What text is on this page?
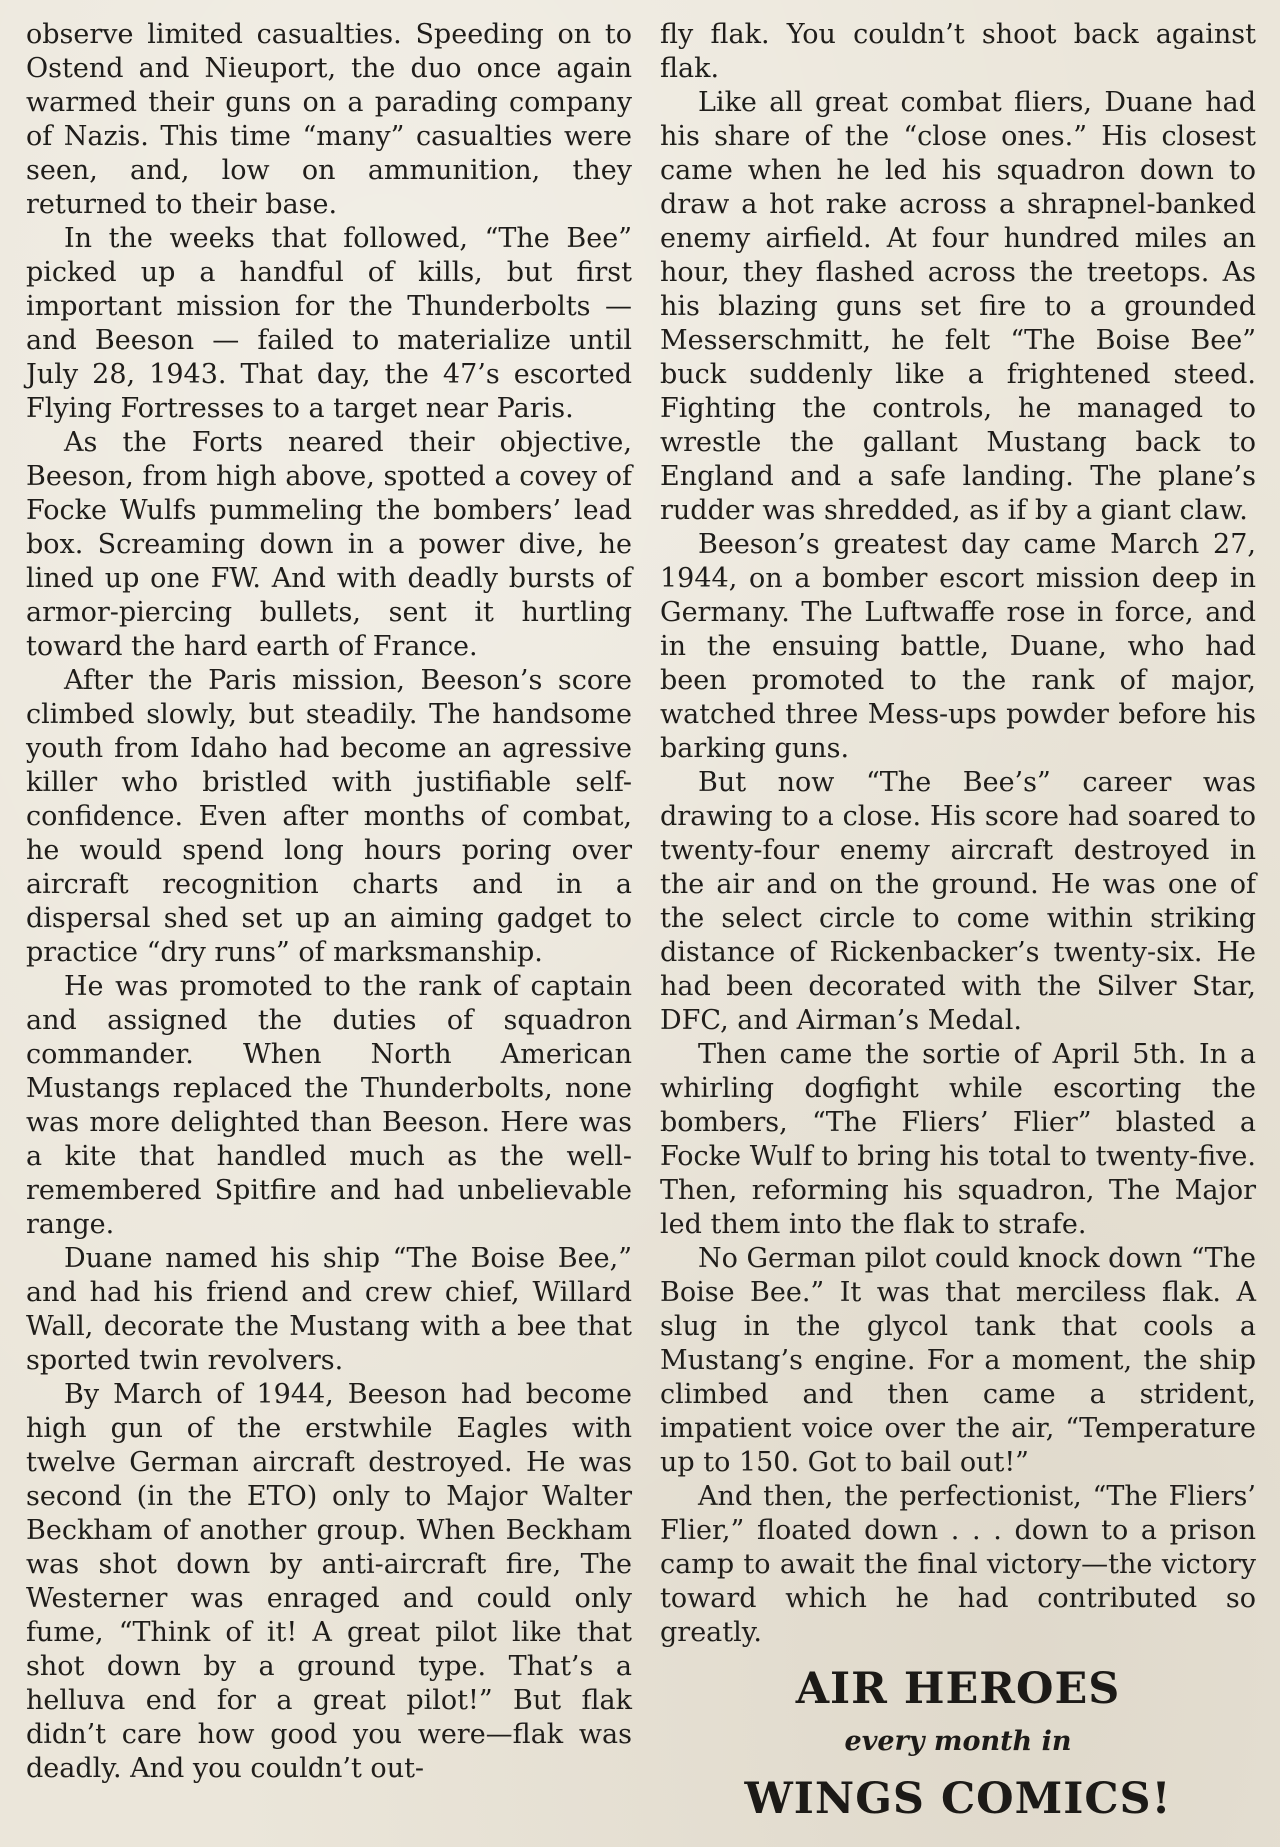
observe limited casualties. Speeding on to Ostend and Nieuport, the duo once again warmed their guns on a parading company of Nazis. This time “many” casualties were seen, and, low on ammunition, they returned to their base.

In the weeks that followed, “The Bee” picked up a handful of kills, but first important mission for the Thunderbolts — and Beeson — failed to materialize until July 28, 1943. That day, the 47’s escorted Flying Fortresses to a target near Paris.

As the Forts neared their objective, Beeson, from high above, spotted a covey of Focke Wulfs pummeling the bombers’ lead box. Screaming down in a power dive, he lined up one FW. And with deadly bursts of armor-piercing bullets, sent it hurtling toward the hard earth of France.

After the Paris mission, Beeson’s score climbed slowly, but steadily. The handsome youth from Idaho had become an agressive killer who bristled with justifiable self-confidence. Even after months of combat, he would spend long hours poring over aircraft recognition charts and in a dispersal shed set up an aiming gadget to practice “dry runs” of marksmanship.

He was promoted to the rank of captain and assigned the duties of squadron commander. When North American Mustangs replaced the Thunderbolts, none was more delighted than Beeson. Here was a kite that handled much as the well-remembered Spitfire and had unbelievable range.

Duane named his ship “The Boise Bee,” and had his friend and crew chief, Willard Wall, decorate the Mustang with a bee that sported twin revolvers.

By March of 1944, Beeson had become high gun of the erstwhile Eagles with twelve German aircraft destroyed. He was second (in the ETO) only to Major Walter Beckham of another group. When Beckham was shot down by anti-aircraft fire, The Westerner was enraged and could only fume, “Think of it! A great pilot like that shot down by a ground type. That’s a helluva end for a great pilot!” But flak didn’t care how good you were—flak was deadly. And you couldn’t out-

fly flak. You couldn’t shoot back against flak.

Like all great combat fliers, Duane had his share of the “close ones.” His closest came when he led his squadron down to draw a hot rake across a shrapnel-banked enemy airfield. At four hundred miles an hour, they flashed across the treetops. As his blazing guns set fire to a grounded Messerschmitt, he felt “The Boise Bee” buck suddenly like a frightened steed. Fighting the controls, he managed to wrestle the gallant Mustang back to England and a safe landing. The plane’s rudder was shredded, as if by a giant claw.

Beeson’s greatest day came March 27, 1944, on a bomber escort mission deep in Germany. The Luftwaffe rose in force, and in the ensuing battle, Duane, who had been promoted to the rank of major, watched three Mess-ups powder before his barking guns.

But now “The Bee’s” career was drawing to a close. His score had soared to twenty-four enemy aircraft destroyed in the air and on the ground. He was one of the select circle to come within striking distance of Rickenbacker’s twenty-six. He had been decorated with the Silver Star, DFC, and Airman’s Medal.

Then came the sortie of April 5th. In a whirling dogfight while escorting the bombers, “The Fliers’ Flier” blasted a Focke Wulf to bring his total to twenty-five. Then, reforming his squadron, The Major led them into the flak to strafe.

No German pilot could knock down “The Boise Bee.” It was that merciless flak. A slug in the glycol tank that cools a Mustang’s engine. For a moment, the ship climbed and then came a strident, impatient voice over the air, “Temperature up to 150. Got to bail out!”

And then, the perfectionist, “The Fliers’ Flier,” floated down . . . down to a prison camp to await the final victory—the victory toward which he had contributed so greatly.

AIR HEROES
every month in
WINGS COMICS!
